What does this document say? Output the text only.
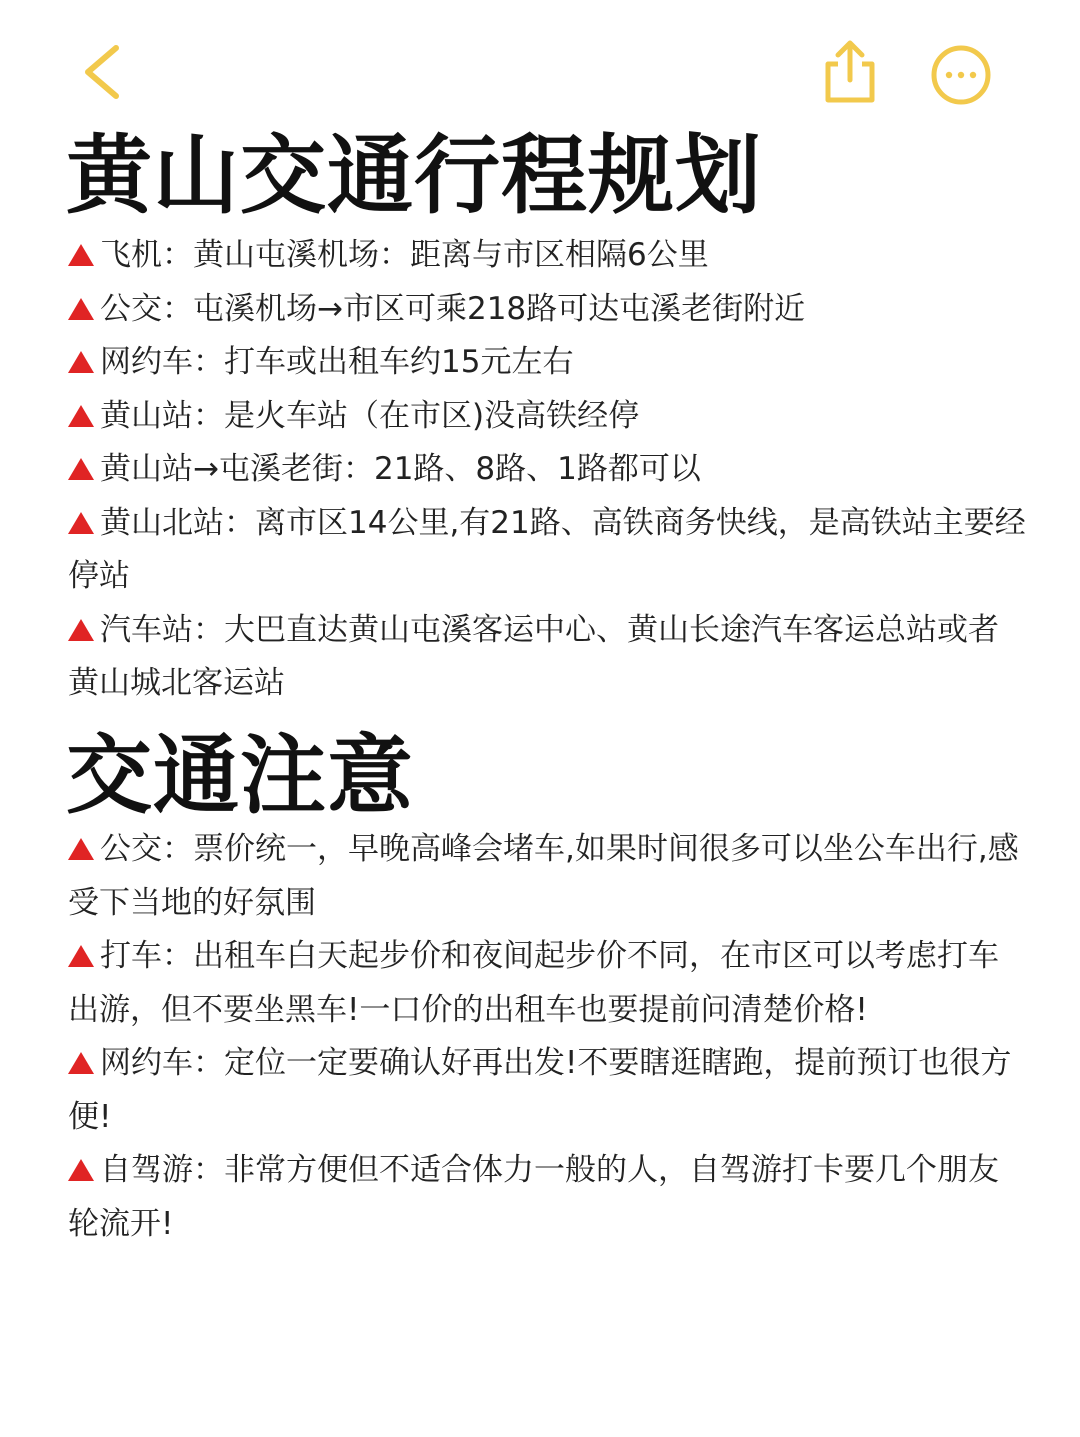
黄山交通行程规划
飞机：黄山屯溪机场：距离与市区相隔6公里
公交：屯溪机场→市区可乘218路可达屯溪老街附近
网约车：打车或出租车约15元左右
黄山站：是火车站（在市区)没高铁经停
黄山站→屯溪老街：21路、8路、1路都可以
黄山北站：离市区14公里,有21路、高铁商务快线，是高铁站主要经停站
汽车站：大巴直达黄山屯溪客运中心、黄山长途汽车客运总站或者黄山城北客运站
交通注意
公交：票价统一，早晚高峰会堵车,如果时间很多可以坐公车出行,感受下当地的好氛围
打车：出租车白天起步价和夜间起步价不同，在市区可以考虑打车出游，但不要坐黑车!一口价的出租车也要提前问清楚价格!
网约车：定位一定要确认好再出发!不要瞎逛瞎跑，提前预订也很方便!
自驾游：非常方便但不适合体力一般的人，自驾游打卡要几个朋友轮流开!
